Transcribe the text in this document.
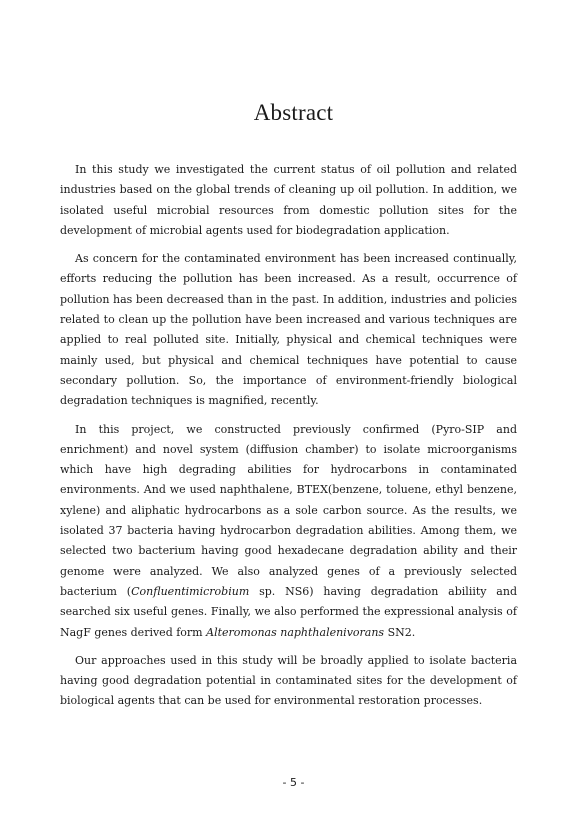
Abstract

In this study we investigated the current status of oil pollution and related industries based on the global trends of cleaning up oil pollution. In addition, we isolated useful microbial resources from domestic pollution sites for the development of microbial agents used for biodegradation application.

As concern for the contaminated environment has been increased continually, efforts reducing the pollution has been increased. As a result, occurrence of pollution has been decreased than in the past. In addition, industries and policies related to clean up the pollution have been increased and various techniques are applied to real polluted site. Initially, physical and chemical techniques were mainly used, but physical and chemical techniques have potential to cause secondary pollution. So, the importance of environment-friendly biological degradation techniques is magnified, recently.

In this project, we constructed previously confirmed (Pyro-SIP and enrichment) and novel system (diffusion chamber) to isolate microorganisms which have high degrading abilities for hydrocarbons in contaminated environments. And we used naphthalene, BTEX(benzene, toluene, ethyl benzene, xylene) and aliphatic hydrocarbons as a sole carbon source. As the results, we isolated 37 bacteria having hydrocarbon degradation abilities. Among them, we selected two bacterium having good hexadecane degradation ability and their genome were analyzed. We also analyzed genes of a previously selected bacterium (Confluentimicrobium sp. NS6) having degradation abiliity and searched six useful genes. Finally, we also performed the expressional analysis of NagF genes derived form Alteromonas naphthalenivorans SN2.

Our approaches used in this study will be broadly applied to isolate bacteria having good degradation potential in contaminated sites for the development of biological agents that can be used for environmental restoration processes.

- 5 -
